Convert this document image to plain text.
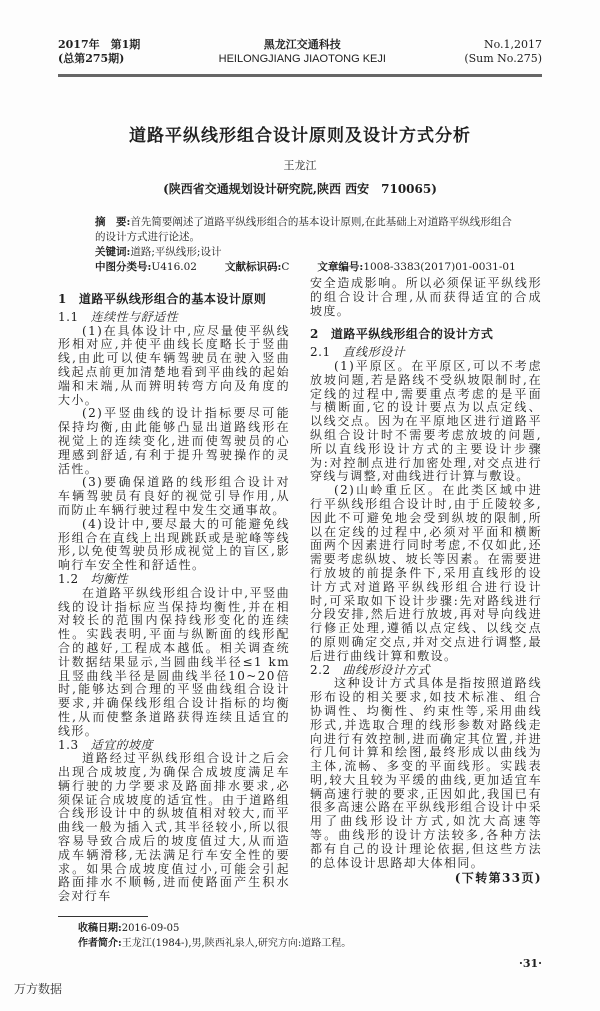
2017年　第1期
(总第275期)
黑龙江交通科技
HEILONGJIANG JIAOTONG KEJI
No.1,2017
(Sum No.275)
道路平纵线形组合设计原则及设计方式分析
王龙江
(陕西省交通规划设计研究院,陕西 西安　710065)
摘　要:首先简要阐述了道路平纵线形组合的基本设计原则,在此基础上对道路平纵线形组合的设计方式进行论述。
关键词:道路;平纵线形;设计
中图分类号:U416.02	文献标识码:C	文章编号:1008-3383(2017)01-0031-01
1 道路平纵线形组合的基本设计原则
1.1 连续性与舒适性

(1)在具体设计中,应尽量使平纵线形相对应,并使平曲线长度略长于竖曲线,由此可以使车辆驾驶员在驶入竖曲线起点前更加清楚地看到平曲线的起始端和末端,从而辨明转弯方向及角度的大小。

(2)平竖曲线的设计指标要尽可能保持均衡,由此能够凸显出道路线形在视觉上的连续变化,进而使驾驶员的心理感到舒适,有利于提升驾驶操作的灵活性。

(3)要确保道路的线形组合设计对车辆驾驶员有良好的视觉引导作用,从而防止车辆行驶过程中发生交通事故。

(4)设计中,要尽最大的可能避免线形组合在直线上出现跳跃或是驼峰等线形,以免使驾驶员形成视觉上的盲区,影响行车安全性和舒适性。

1.2 均衡性

在道路平纵线形组合设计中,平竖曲线的设计指标应当保持均衡性,并在相对较长的范围内保持线形变化的连续性。实践表明,平面与纵断面的线形配合的越好,工程成本越低。相关调查统计数据结果显示,当圆曲线半径≤1 km且竖曲线半径是圆曲线半径10~20倍时,能够达到合理的平竖曲线组合设计要求,并确保线形组合设计指标的均衡性,从而使整条道路获得连续且适宜的线形。

1.3 适宜的坡度

道路经过平纵线形组合设计之后会出现合成坡度,为确保合成坡度满足车辆行驶的力学要求及路面排水要求,必须保证合成坡度的适宜性。由于道路组合线形设计中的纵坡值相对较大,而平曲线一般为插入式,其半径较小,所以很容易导致合成后的坡度值过大,从而造成车辆滑移,无法满足行车安全性的要求。如果合成坡度值过小,可能会引起路面排水不顺畅,进而使路面产生积水会对行车

安全造成影响。所以必须保证平纵线形的组合设计合理,从而获得适宜的合成坡度。

2 道路平纵线形组合的设计方式
2.1 直线形设计

(1)平原区。在平原区,可以不考虑放坡问题,若是路线不受纵坡限制时,在定线的过程中,需要重点考虑的是平面与横断面,它的设计要点为以点定线、以线交点。因为在平原地区进行道路平纵组合设计时不需要考虑放坡的问题,所以直线形设计方式的主要设计步骤为:对控制点进行加密处理,对交点进行穿线与调整,对曲线进行计算与敷设。

(2)山岭重丘区。在此类区域中进行平纵线形组合设计时,由于丘陵较多,因此不可避免地会受到纵坡的限制,所以在定线的过程中,必须对平面和横断面两个因素进行同时考虑,不仅如此,还需要考虑纵坡、坡长等因素。在需要进行放坡的前提条件下,采用直线形的设计方式对道路平纵线形组合进行设计时,可采取如下设计步骤:先对路线进行分段安排,然后进行放坡,再对导向线进行修正处理,遵循以点定线、以线交点的原则确定交点,并对交点进行调整,最后进行曲线计算和敷设。

2.2 曲线形设计方式

这种设计方式具体是指按照道路线形布设的相关要求,如技术标准、组合协调性、均衡性、约束性等,采用曲线形式,并选取合理的线形参数对路线走向进行有效控制,进而确定其位置,并进行几何计算和绘图,最终形成以曲线为主体,流畅、多变的平面线形。实践表明,较大且较为平缓的曲线,更加适宜车辆高速行驶的要求,正因如此,我国已有很多高速公路在平纵线形组合设计中采用了曲线形设计方式,如沈大高速等等。曲线形的设计方法较多,各种方法都有自己的设计理论依据,但这些方法的总体设计思路却大体相同。

(下转第33页)
收稿日期:2016-09-05
作者简介:王龙江(1984-),男,陕西礼泉人,研究方向:道路工程。
·31·
万方数据
